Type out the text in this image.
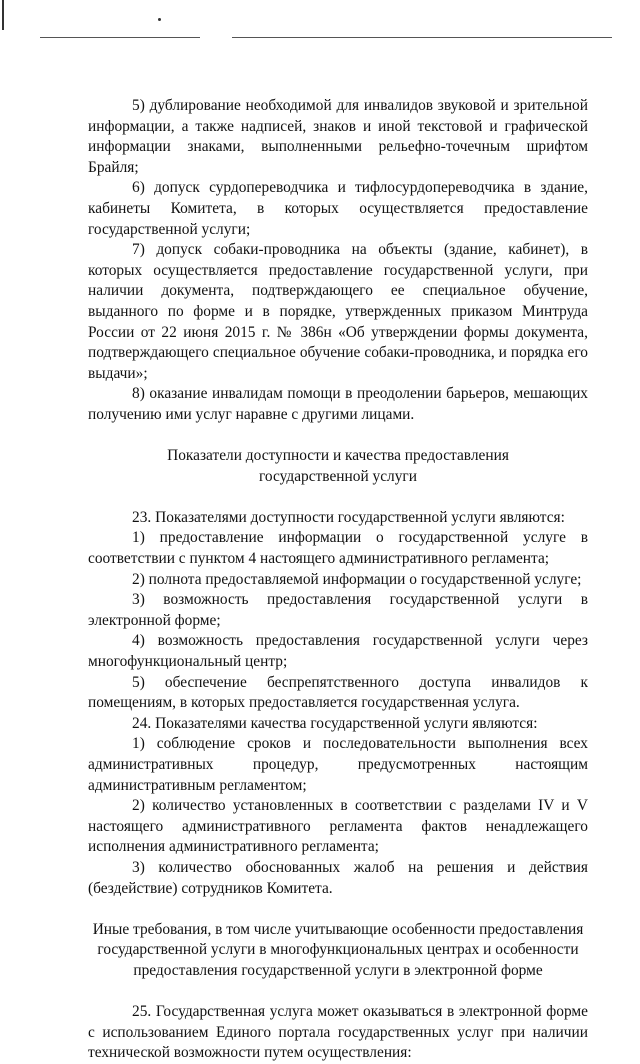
5) дублирование необходимой для инвалидов звуковой и зрительной информации, а также надписей, знаков и иной текстовой и графической информации знаками, выполненными рельефно-точечным шрифтом Брайля;

6) допуск сурдопереводчика и тифлосурдопереводчика в здание, кабинеты Комитета, в которых осуществляется предоставление государственной услуги;

7) допуск собаки-проводника на объекты (здание, кабинет), в которых осуществляется предоставление государственной услуги, при наличии документа, подтверждающего ее специальное обучение, выданного по форме и в порядке, утвержденных приказом Минтруда России от 22 июня 2015 г. № 386н «Об утверждении формы документа, подтверждающего специальное обучение собаки-проводника, и порядка его выдачи»;

8) оказание инвалидам помощи в преодолении барьеров, мешающих получению ими услуг наравне с другими лицами.

Показатели доступности и качества предоставления
государственной услуги

23. Показателями доступности государственной услуги являются:

1) предоставление информации о государственной услуге в соответствии с пунктом 4 настоящего административного регламента;

2) полнота предоставляемой информации о государственной услуге;

3) возможность предоставления государственной услуги в электронной форме;

4) возможность предоставления государственной услуги через многофункциональный центр;

5) обеспечение беспрепятственного доступа инвалидов к помещениям, в которых предоставляется государственная услуга.

24. Показателями качества государственной услуги являются:

1) соблюдение сроков и последовательности выполнения всех административных процедур, предусмотренных настоящим административным регламентом;

2) количество установленных в соответствии с разделами IV и V настоящего административного регламента фактов ненадлежащего исполнения административного регламента;

3) количество обоснованных жалоб на решения и действия (бездействие) сотрудников Комитета.

Иные требования, в том числе учитывающие особенности предоставления
государственной услуги в многофункциональных центрах и особенности
предоставления государственной услуги в электронной форме

25. Государственная услуга может оказываться в электронной форме с использованием Единого портала государственных услуг при наличии технической возможности путем осуществления:
